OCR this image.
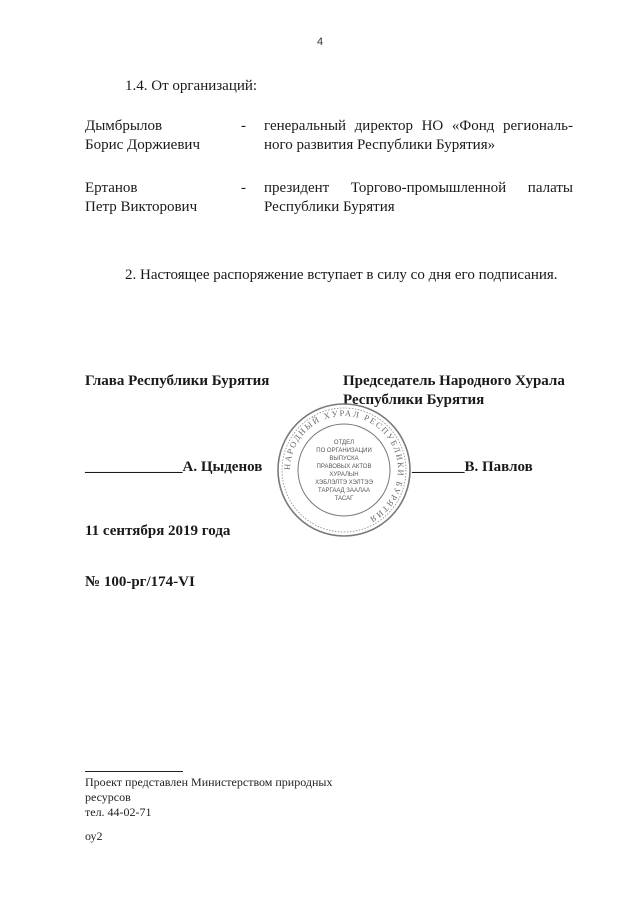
4
1.4. От организаций:
Дымбрылов
Борис Доржиевич
- генеральный директор НО «Фонд региональ-
ного развития Республики Бурятия»
Ертанов
Петр Викторович
- президент Торгово-промышленной палаты
Республики Бурятия
2. Настоящее распоряжение вступает в силу со дня его подписания.
Глава Республики Бурятия	Председатель Народного Хурала
Республики Бурятия
НАРОДНЫЙ ХУРАЛ РЕСПУБЛИКИ БУРЯТИЯ
ОТДЕЛ
ПО ОРГАНИЗАЦИИ
ВЫПУСКА
ПРАВОВЫХ АКТОВ
ХУРАЛЫН
ХЭБЛЭЛТЭ ХЭЛТЭЭ
ТАРГААД ЗААЛАА
ТАСАГ
_____________А. Цыденов	_______В. Павлов
11 сентября 2019 года
№ 100-рг/174-VI
Проект представлен Министерством природных
ресурсов
тел. 44-02-71
оу2
